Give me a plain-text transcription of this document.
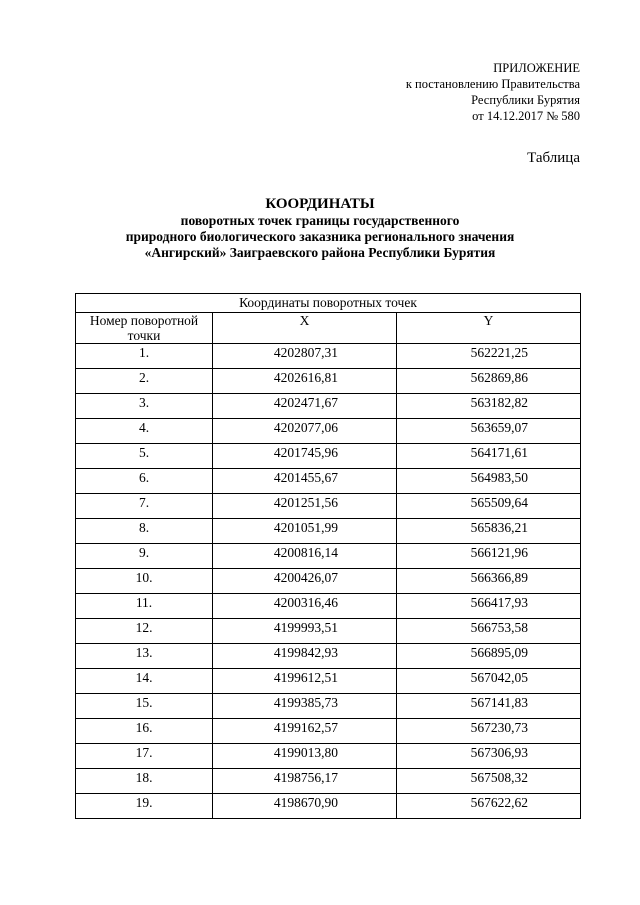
ПРИЛОЖЕНИЕ
к постановлению Правительства
Республики Бурятия
от 14.12.2017 № 580
Таблица
КООРДИНАТЫ
поворотных точек границы государственного
природного биологического заказника регионального значения
«Ангирский» Заиграевского района Республики Бурятия
Координаты поворотных точек		
Номер поворотной точки	X	Y
1.	4202807,31	562221,25
2.	4202616,81	562869,86
3.	4202471,67	563182,82
4.	4202077,06	563659,07
5.	4201745,96	564171,61
6.	4201455,67	564983,50
7.	4201251,56	565509,64
8.	4201051,99	565836,21
9.	4200816,14	566121,96
10.	4200426,07	566366,89
11.	4200316,46	566417,93
12.	4199993,51	566753,58
13.	4199842,93	566895,09
14.	4199612,51	567042,05
15.	4199385,73	567141,83
16.	4199162,57	567230,73
17.	4199013,80	567306,93
18.	4198756,17	567508,32
19.	4198670,90	567622,62
